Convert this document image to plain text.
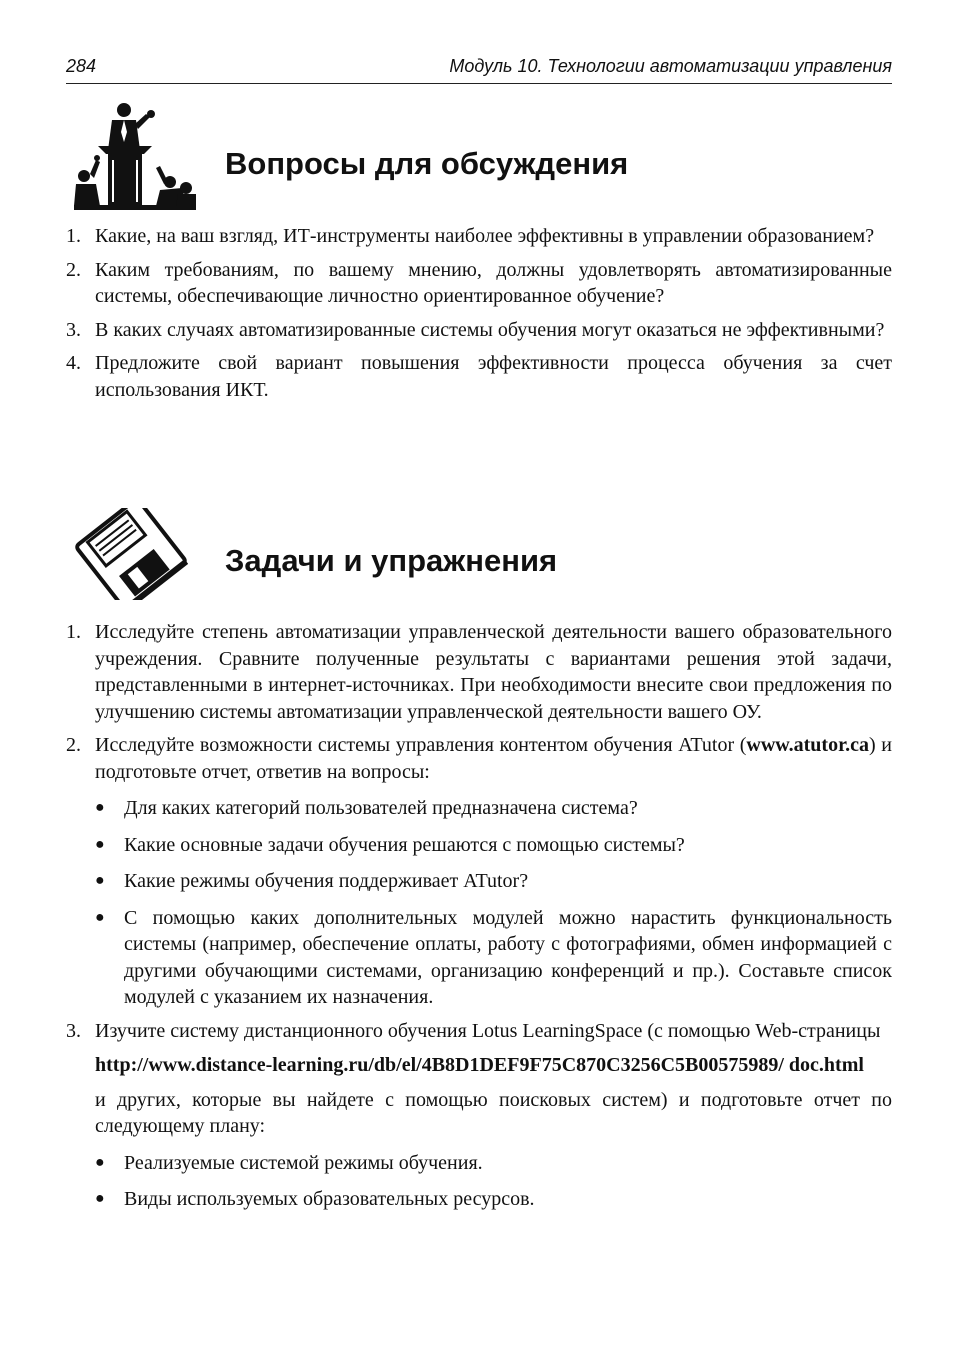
284	Модуль 10. Технологии автоматизации управления
Вопросы для обсуждения
1. Какие, на ваш взгляд, ИТ-инструменты наиболее эффективны в управлении образованием?
2. Каким требованиям, по вашему мнению, должны удовлетворять автоматизированные системы, обеспечивающие личностно ориентированное обучение?
3. В каких случаях автоматизированные системы обучения могут оказаться не эффективными?
4. Предложите свой вариант повышения эффективности процесса обучения за счет использования ИКТ.
Задачи и упражнения
1. Исследуйте степень автоматизации управленческой деятельности вашего образовательного учреждения. Сравните полученные результаты с вариантами решения этой задачи, представленными в интернет-источниках. При необходимости внесите свои предложения по улучшению системы автоматизации управленческой деятельности вашего ОУ.
2. Исследуйте возможности системы управления контентом обучения ATutor (www.atutor.ca) и подготовьте отчет, ответив на вопросы:

● Для каких категорий пользователей предназначена система?
● Какие основные задачи обучения решаются с помощью системы?
● Какие режимы обучения поддерживает ATutor?
● С помощью каких дополнительных модулей можно нарастить функциональность системы (например, обеспечение оплаты, работу с фотографиями, обмен информацией с другими обучающими системами, организацию конференций и пр.). Составьте список модулей с указанием их назначения.
3. Изучите систему дистанционного обучения Lotus LearningSpace (с помощью Web-страницы

http://www.distance-learning.ru/db/el/4B8D1DEF9F75C870C3256C5B00575989/ doc.html

и других, которые вы найдете с помощью поисковых систем) и подготовьте отчет по следующему плану:

● Реализуемые системой режимы обучения.
● Виды используемых образовательных ресурсов.
